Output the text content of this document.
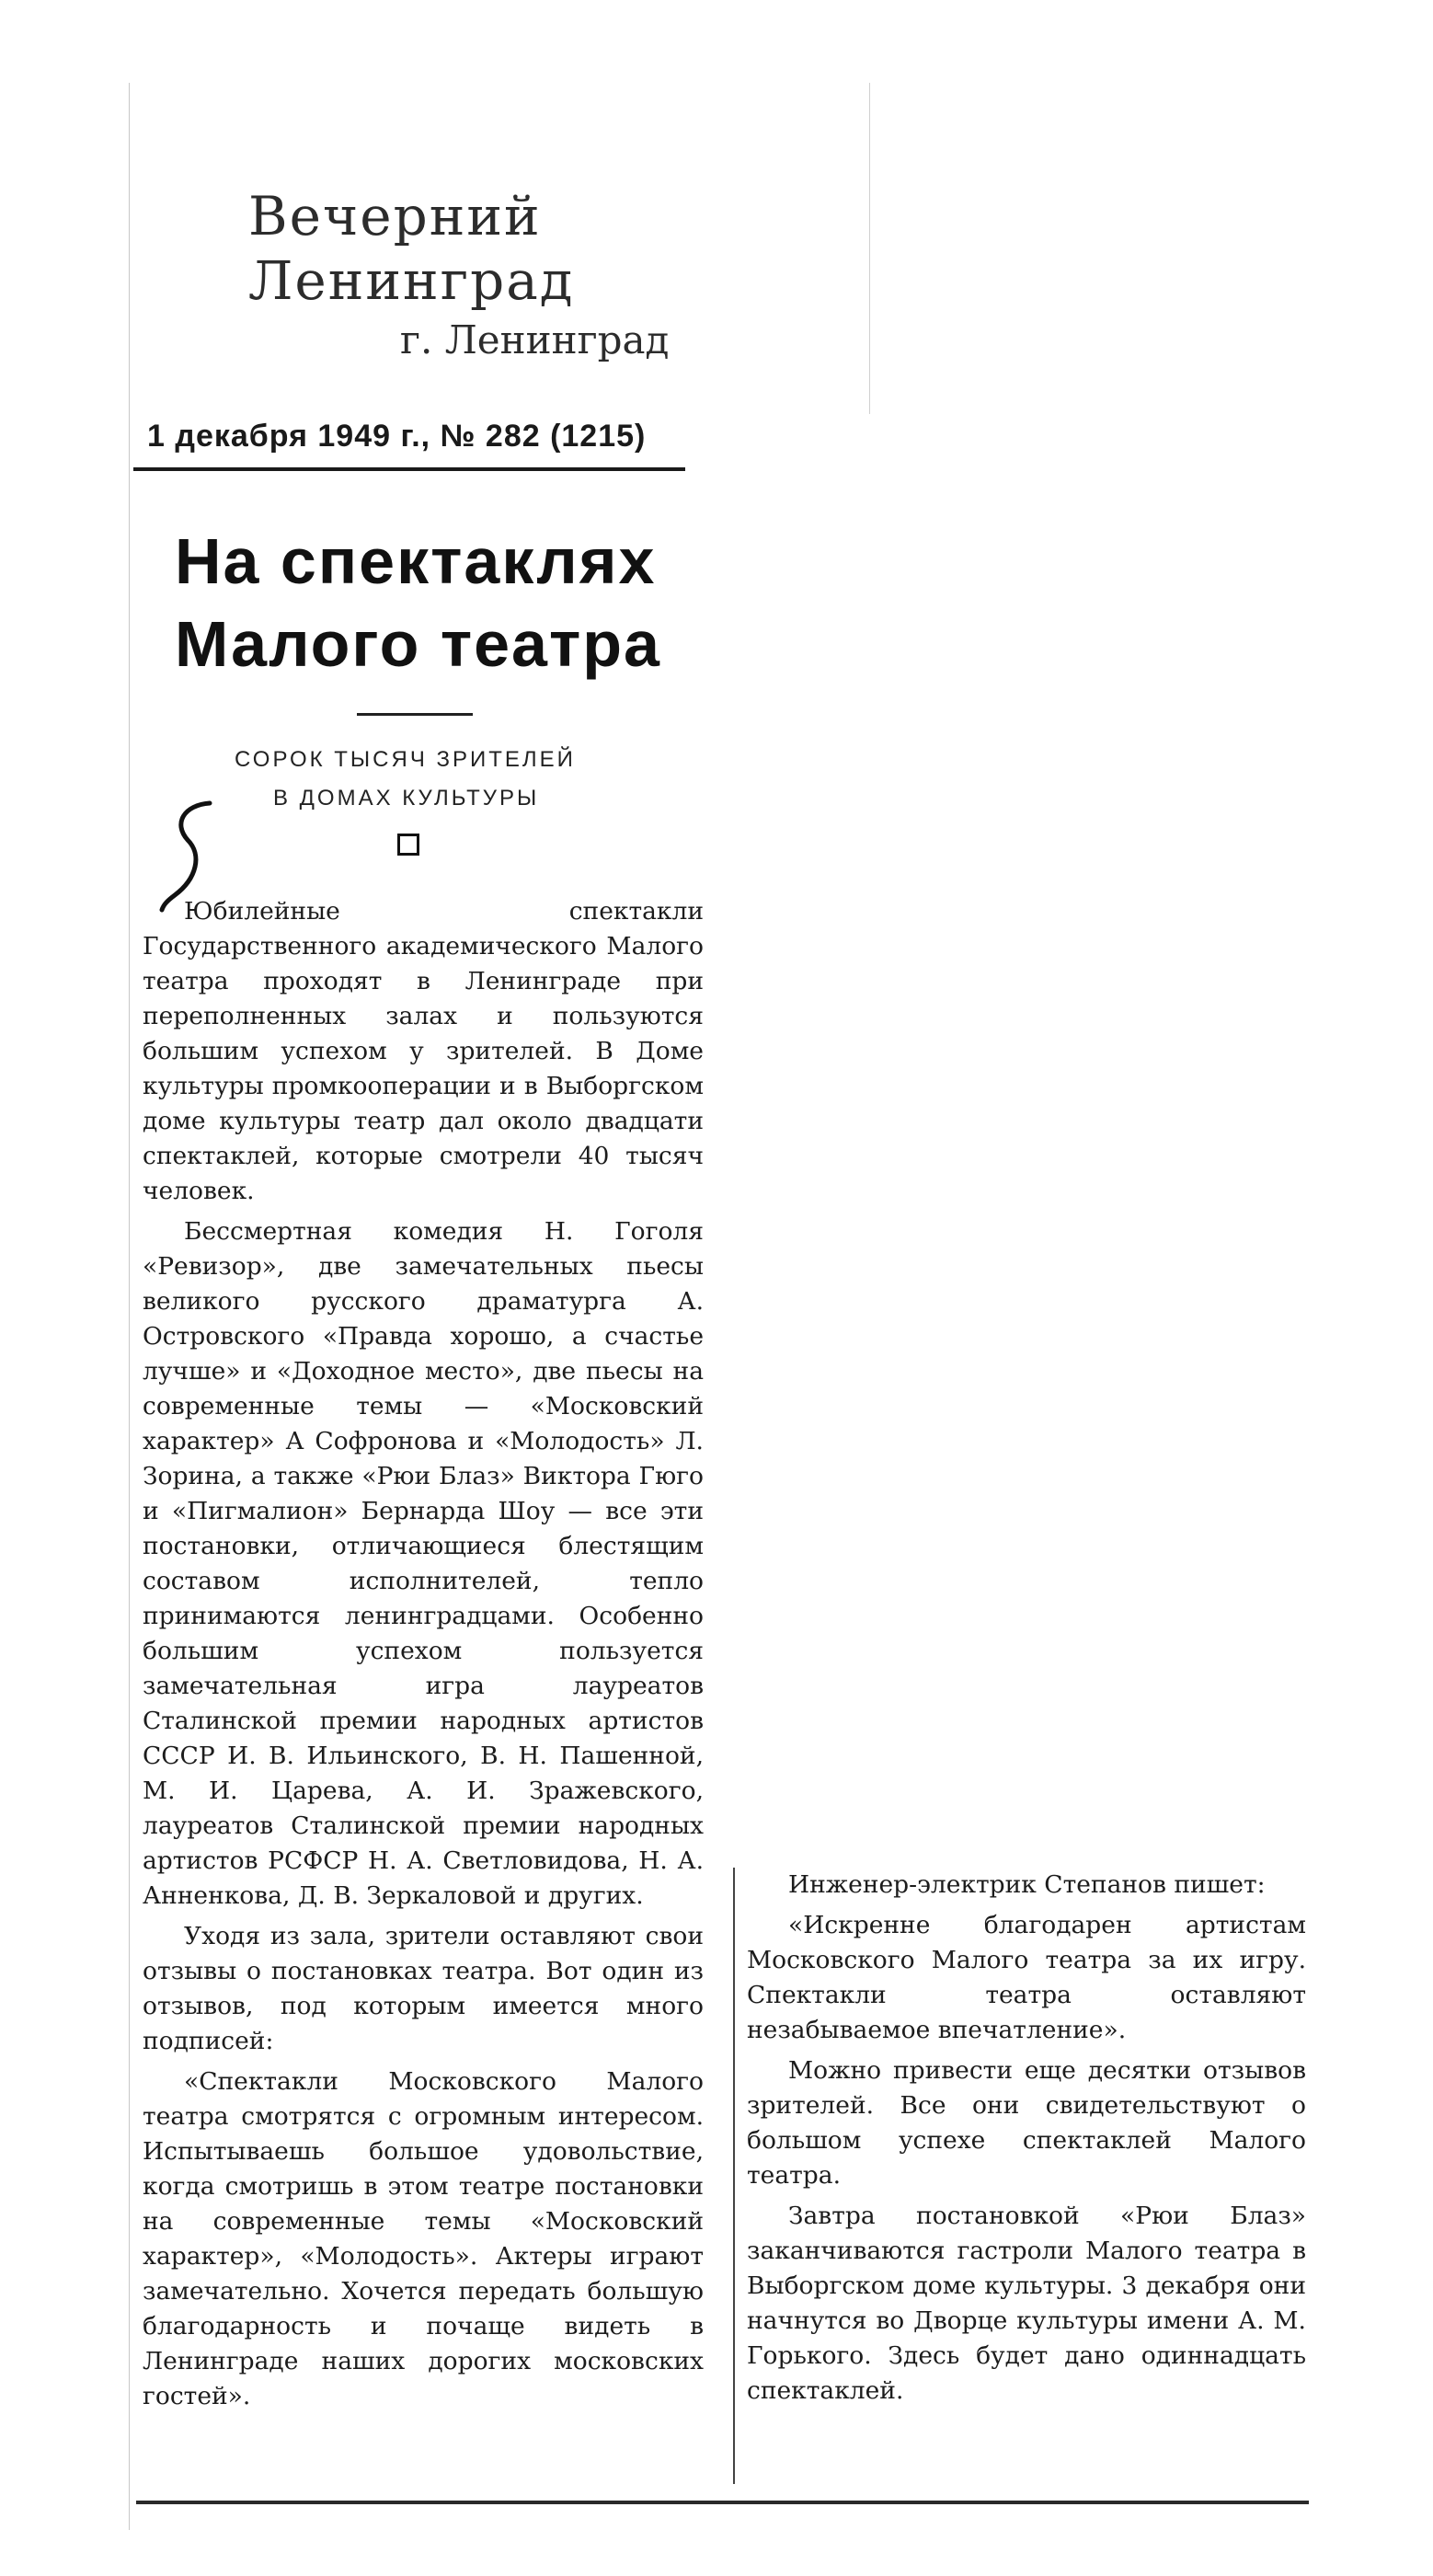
Вечерний Ленинград
г. Ленинград
1 декабря 1949 г., № 282 (1215)
На спектаклях
Малого театра
СОРОК ТЫСЯЧ ЗРИТЕЛЕЙ
В ДОМАХ КУЛЬТУРЫ

Юбилейные спектакли Государственного академического Малого театра проходят в Ленинграде при переполненных залах и пользуются большим успехом у зрителей. В Доме культуры промкооперации и в Выборгском доме культуры театр дал около двадцати спектаклей, которые смотрели 40 тысяч человек.

Бессмертная комедия Н. Гоголя «Ревизор», две замечательных пьесы великого русского драматурга А. Островского «Правда хорошо, а счастье лучше» и «Доходное место», две пьесы на современные темы — «Московский характер» А Софронова и «Молодость» Л. Зорина, а также «Рюи Блаз» Виктора Гюго и «Пигмалион» Бернарда Шоу — все эти постановки, отличающиеся блестящим составом исполнителей, тепло принимаются ленинградцами. Особенно большим успехом пользуется замечательная игра лауреатов Сталинской премии народных артистов СССР И. В. Ильинского, В. Н. Пашенной, М. И. Царева, А. И. Зражевского, лауреатов Сталинской премии народных артистов РСФСР Н. А. Светловидова, Н. А. Анненкова, Д. В. Зеркаловой и других.

Уходя из зала, зрители оставляют свои отзывы о постановках театра. Вот один из отзывов, под которым имеется много подписей:

«Спектакли Московского Малого театра смотрятся с огромным интересом. Испытываешь большое удовольствие, когда смотришь в этом театре постановки на современные темы «Московский характер», «Молодость». Актеры играют замечательно. Хочется передать большую благодарность и почаще видеть в Ленинграде наших дорогих московских гостей».

Инженер-электрик Степанов пишет:

«Искренне благодарен артистам Московского Малого театра за их игру. Спектакли театра оставляют незабываемое впечатление».

Можно привести еще десятки отзывов зрителей. Все они свидетельствуют о большом успехе спектаклей Малого театра.

Завтра постановкой «Рюи Блаз» заканчиваются гастроли Малого театра в Выборгском доме культуры. 3 декабря они начнутся во Дворце культуры имени А. М. Горького. Здесь будет дано одиннадцать спектаклей.
